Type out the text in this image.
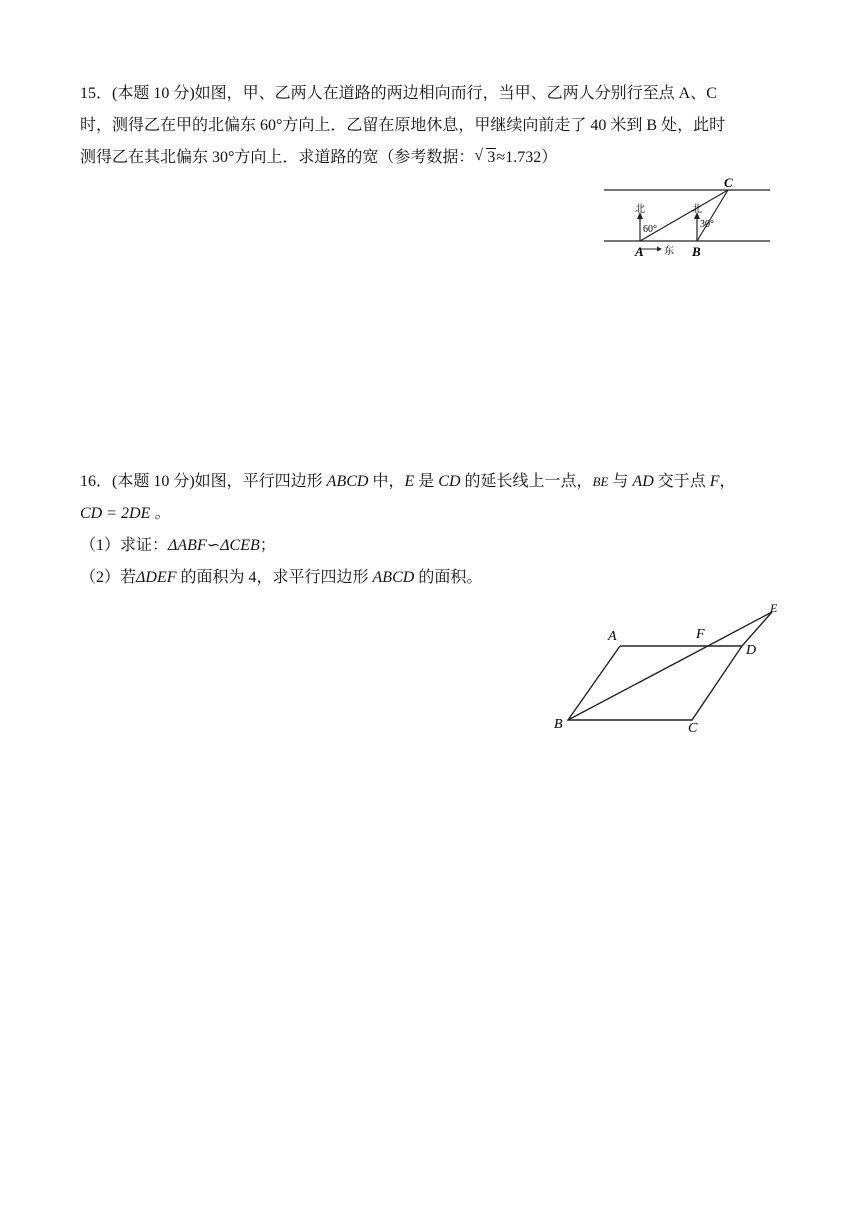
15．(本题 10 分)如图，甲、乙两人在道路的两边相向而行，当甲、乙两人分别行至点 A、C
时，测得乙在甲的北偏东 60°方向上．乙留在原地休息，甲继续向前走了 40 米到 B 处，此时
测得乙在其北偏东 30°方向上．求道路的宽（参考数据： √ 3≈1.732）
C
A	B
北	北
60°	30°
东
16．(本题 10 分)如图，平行四边形 ABCD 中，E 是 CD 的延长线上一点，BE 与 AD 交于点 F，
CD = 2DE 。
（1）求证：ΔABF∽ΔCEB；
（2）若ΔDEF 的面积为 4，求平行四边形 ABCD 的面积。
A
B	C
D
E
F
